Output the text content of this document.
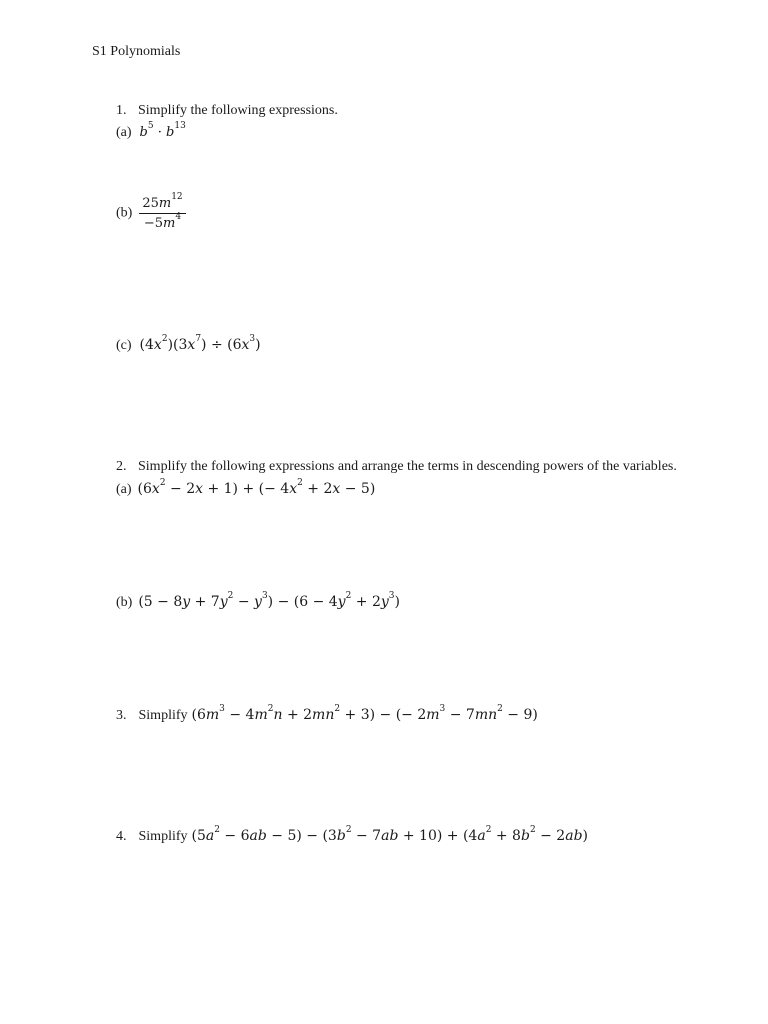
S1 Polynomials
1. Simplify the following expressions.
(a) $b^5 \cdot b^{13}$
$(b) \frac{25m^{12}}{-5m^4}$
(c) $(4x^2)(3x^7) \div (6x^3)$
2. Simplify the following expressions and arrange the terms in descending powers of the variables.
(a) $(6x^2 - 2x + 1)$ + (− $4x^2 + 2x - 5$)
(b) $(5 - 8y + 7y^2 - y^3) - (6 - 4y^2 + 2y^3)$
3. Simplify $(6m^3 - 4m^2n + 2mn^2 + 3)$ − (− $2m^3 - 7mn^2 - 9$)
4. Simplify $(5a^2 - 6ab - 5) - (3b^2 - 7ab + 10) + (4a^2 + 8b^2 - 2ab)$
